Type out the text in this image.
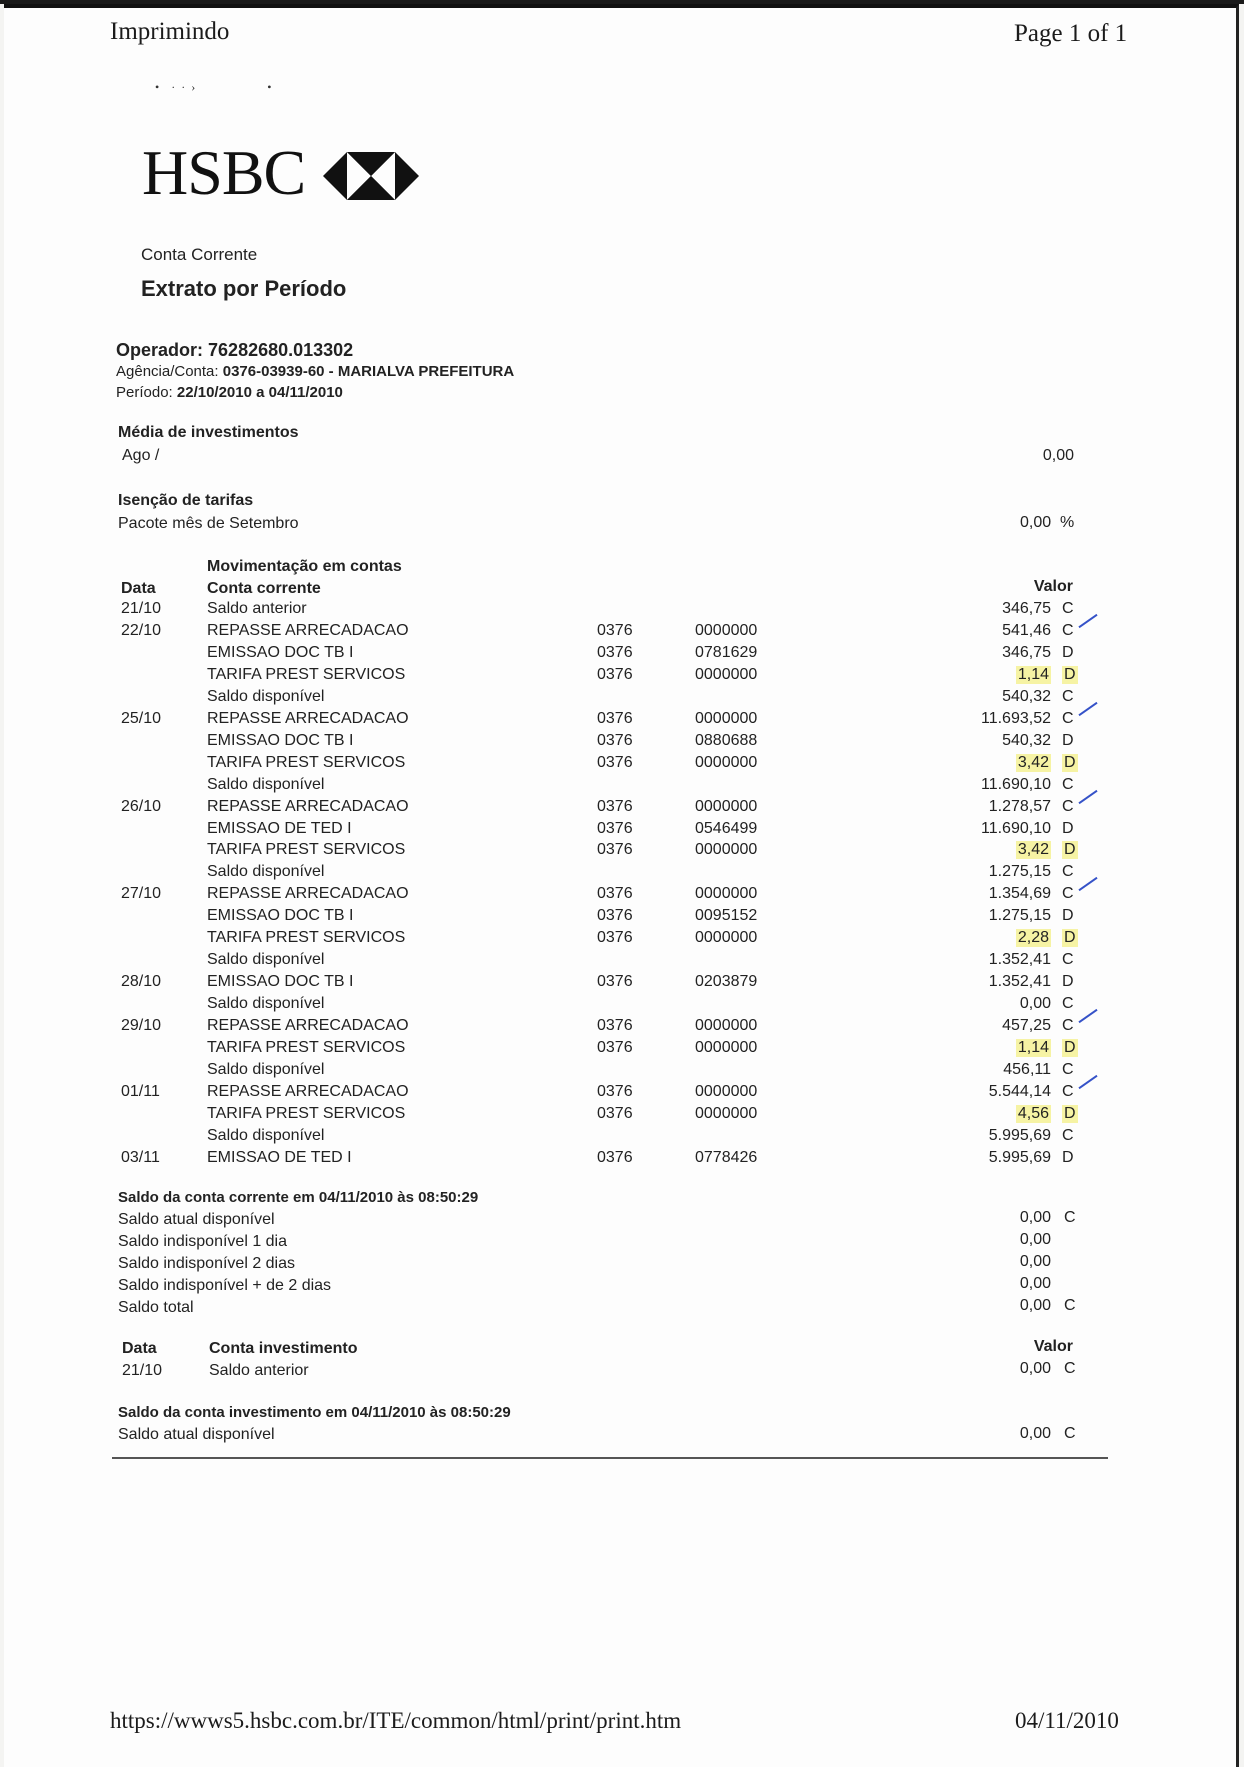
Imprimindo	Page 1 of 1
•    ·  ·  ›                        •
HSBC
Conta Corrente
Extrato por Período
Operador: 76282680.013302
Agência/Conta: 0376-03939-60 - MARIALVA PREFEITURA
Período: 22/10/2010 a 04/11/2010
Média de investimentos
Ago /	0,00
Isenção de tarifas
Pacote mês de Setembro	0,00 %
Movimentação em contas
Data	Conta corrente	Valor
21/10	Saldo anterior	346,75 C
22/10	REPASSE ARRECADACAO	0376	0000000	541,46 C
EMISSAO DOC TB I	0376	0781629	346,75 D
TARIFA PREST SERVICOS	0376	0000000	1,14 D
Saldo disponível	540,32 C
25/10	REPASSE ARRECADACAO	0376	0000000	11.693,52 C
EMISSAO DOC TB I	0376	0880688	540,32 D
TARIFA PREST SERVICOS	0376	0000000	3,42 D
Saldo disponível	11.690,10 C
26/10	REPASSE ARRECADACAO	0376	0000000	1.278,57 C
EMISSAO DE TED I	0376	0546499	11.690,10 D
TARIFA PREST SERVICOS	0376	0000000	3,42 D
Saldo disponível	1.275,15 C
27/10	REPASSE ARRECADACAO	0376	0000000	1.354,69 C
EMISSAO DOC TB I	0376	0095152	1.275,15 D
TARIFA PREST SERVICOS	0376	0000000	2,28 D
Saldo disponível	1.352,41 C
28/10	EMISSAO DOC TB I	0376	0203879	1.352,41 D
Saldo disponível	0,00 C
29/10	REPASSE ARRECADACAO	0376	0000000	457,25 C
TARIFA PREST SERVICOS	0376	0000000	1,14 D
Saldo disponível	456,11 C
01/11	REPASSE ARRECADACAO	0376	0000000	5.544,14 C
TARIFA PREST SERVICOS	0376	0000000	4,56 D
Saldo disponível	5.995,69 C
03/11	EMISSAO DE TED I	0376	0778426	5.995,69 D
Saldo da conta corrente em 04/11/2010 às 08:50:29
Saldo atual disponível	0,00 C
Saldo indisponível 1 dia	0,00
Saldo indisponível 2 dias	0,00
Saldo indisponível + de 2 dias	0,00
Saldo total	0,00 C
Data	Conta investimento	Valor
21/10	Saldo anterior	0,00 C
Saldo da conta investimento em 04/11/2010 às 08:50:29
Saldo atual disponível	0,00 C
https://wwws5.hsbc.com.br/ITE/common/html/print/print.htm	04/11/2010
